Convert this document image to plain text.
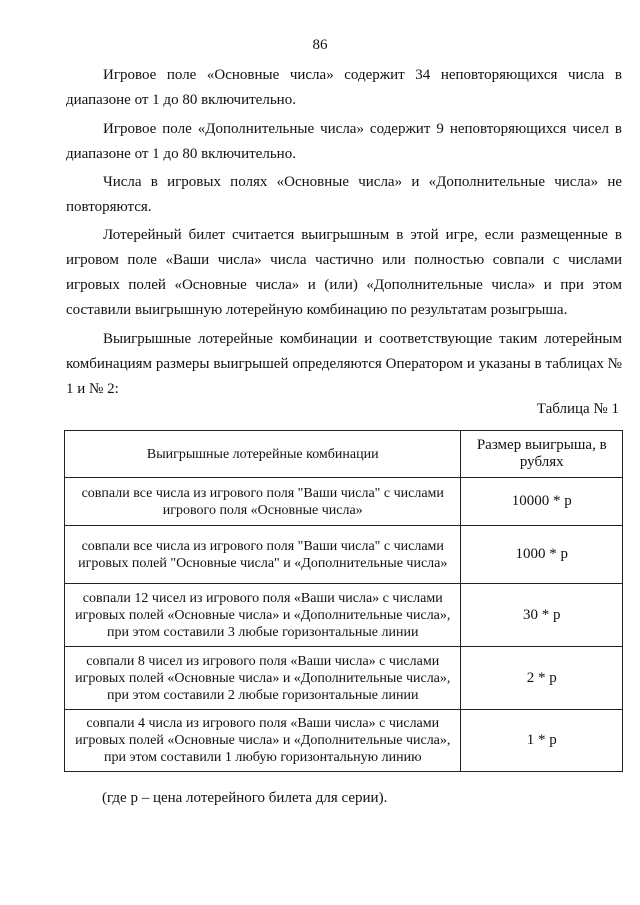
86
Игровое поле «Основные числа» содержит 34 неповторяющихся числа в
диапазоне от 1 до 80 включительно.
Игровое поле «Дополнительные числа» содержит 9 неповторяющихся чисел в
диапазоне от 1 до 80 включительно.
Числа в игровых полях «Основные числа» и «Дополнительные числа» не
повторяются.
Лотерейный билет считается выигрышным в этой игре, если размещенные в
игровом поле «Ваши числа» числа частично или полностью совпали с числами игровых полей «Основные числа» и (или) «Дополнительные числа» и при этом составили выигрышную лотерейную комбинацию по результатам розыгрыша.
Выигрышные лотерейные комбинации и соответствующие таким лотерейным
комбинациям размеры выигрышей определяются Оператором и указаны в таблицах № 1 и № 2:
Таблица № 1
Выигрышные лотерейные комбинации	Размер выигрыша, в рублях
совпали все числа из игрового поля "Ваши числа" с числами игрового поля «Основные числа»	10000 * р
совпали все числа из игрового поля "Ваши числа" с числами игровых полей "Основные числа" и «Дополнительные числа»	1000 * р
совпали 12 чисел из игрового поля «Ваши числа» с числами игровых полей «Основные числа» и «Дополнительные числа», при этом составили 3 любые горизонтальные линии	30 * р
совпали 8 чисел из игрового поля «Ваши числа» с числами игровых полей «Основные числа» и «Дополнительные числа», при этом составили 2 любые горизонтальные линии	2 * р
совпали 4 числа из игрового поля «Ваши числа» с числами игровых полей «Основные числа» и «Дополнительные числа», при этом составили 1 любую горизонтальную линию	1 * р
(где р – цена лотерейного билета для серии).
